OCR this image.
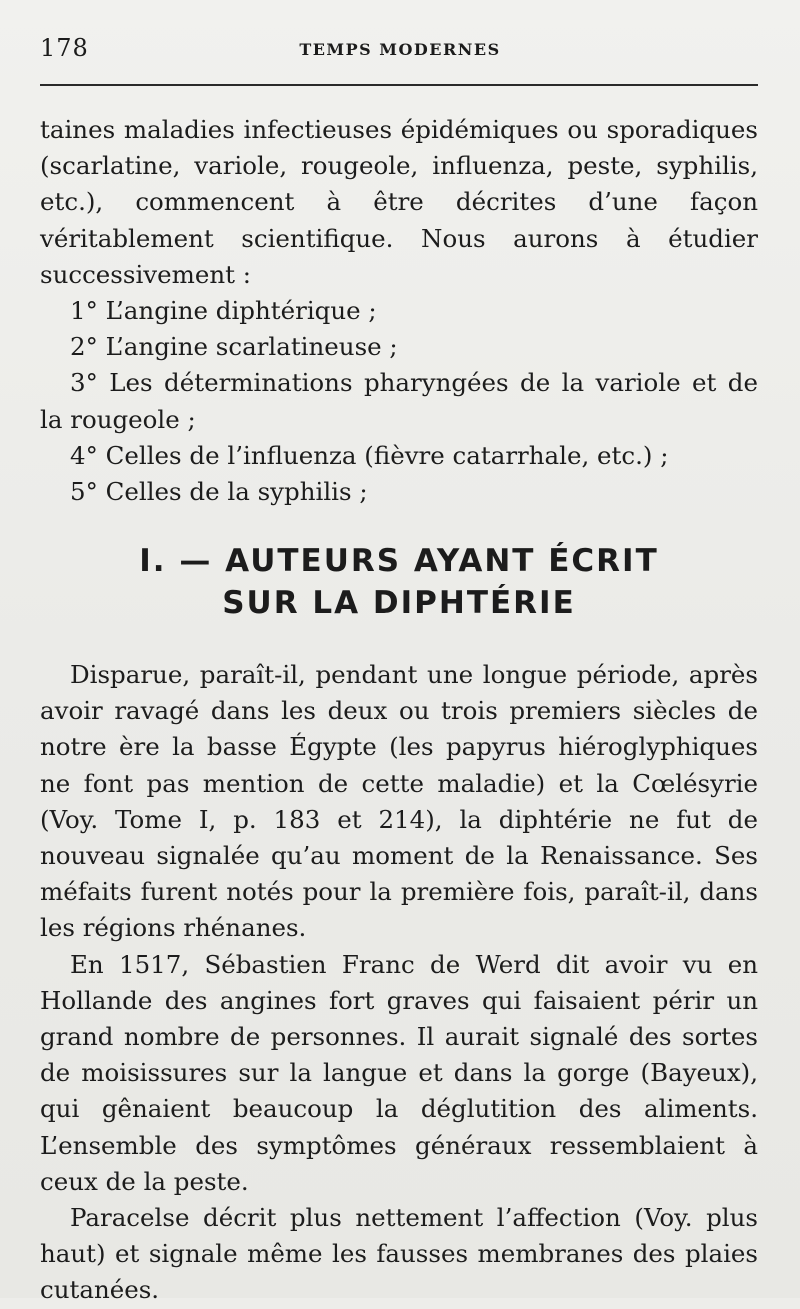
178	TEMPS MODERNES

taines maladies infectieuses épidémiques ou sporadiques (scarlatine, variole, rougeole, influenza, peste, syphilis, etc.), commencent à être décrites d’une façon véritablement scientifique. Nous aurons à étudier successivement :

1° L’angine diphtérique ;

2° L’angine scarlatineuse ;

3° Les déterminations pharyngées de la variole et de la rougeole ;

4° Celles de l’influenza (fièvre catarrhale, etc.) ;

5° Celles de la syphilis ;

I. — AUTEURS AYANT ÉCRIT
SUR LA DIPHTÉRIE

Disparue, paraît-il, pendant une longue période, après avoir ravagé dans les deux ou trois premiers siècles de notre ère la basse Égypte (les papyrus hiéroglyphiques ne font pas mention de cette maladie) et la Cœlésyrie (Voy. Tome I, p. 183 et 214), la diphtérie ne fut de nouveau signalée qu’au moment de la Renaissance. Ses méfaits furent notés pour la première fois, paraît-il, dans les régions rhénanes.

En 1517, Sébastien Franc de Werd dit avoir vu en Hollande des angines fort graves qui faisaient périr un grand nombre de personnes. Il aurait signalé des sortes de moisissures sur la langue et dans la gorge (Bayeux), qui gênaient beaucoup la déglutition des aliments. L’ensemble des symptômes généraux ressemblaient à ceux de la peste.

Paracelse décrit plus nettement l’affection (Voy. plus haut) et signale même les fausses membranes des plaies cutanées.
